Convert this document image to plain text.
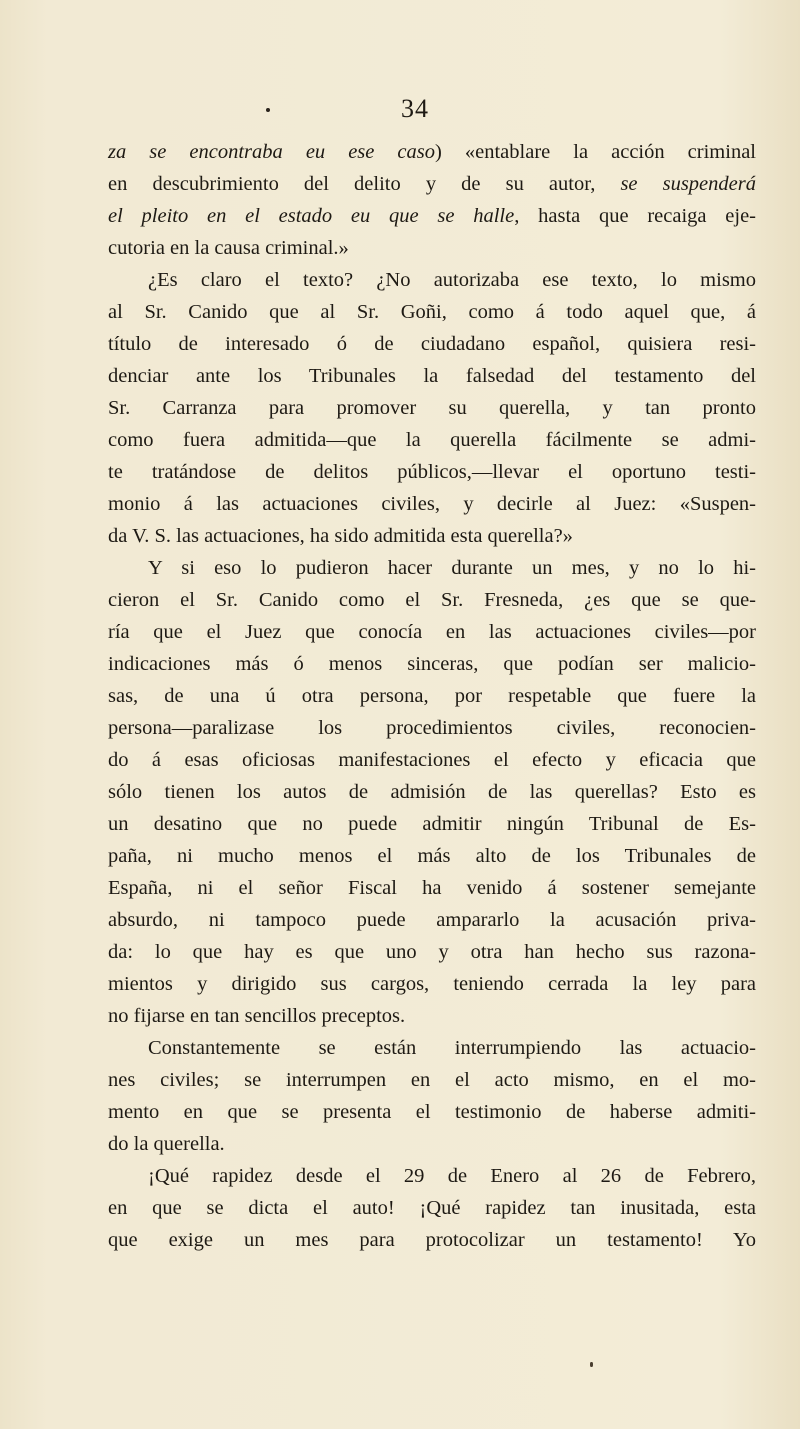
34

za se encontraba eu ese caso) «entablare la acción criminal
en descubrimiento del delito y de su autor, se suspenderá
el pleito en el estado eu que se halle, hasta que recaiga eje-
cutoria en la causa criminal.»

¿Es claro el texto? ¿No autorizaba ese texto, lo mismo
al Sr. Canido que al Sr. Goñi, como á todo aquel que, á
título de interesado ó de ciudadano español, quisiera resi-
denciar ante los Tribunales la falsedad del testamento del
Sr. Carranza para promover su querella, y tan pronto
como fuera admitida—que la querella fácilmente se admi-
te tratándose de delitos públicos,—llevar el oportuno testi-
monio á las actuaciones civiles, y decirle al Juez: «Suspen-
da V. S. las actuaciones, ha sido admitida esta querella?»

Y si eso lo pudieron hacer durante un mes, y no lo hi-
cieron el Sr. Canido como el Sr. Fresneda, ¿es que se que-
ría que el Juez que conocía en las actuaciones civiles—por
indicaciones más ó menos sinceras, que podían ser malicio-
sas, de una ú otra persona, por respetable que fuere la
persona—paralizase los procedimientos civiles, reconocien-
do á esas oficiosas manifestaciones el efecto y eficacia que
sólo tienen los autos de admisión de las querellas? Esto es
un desatino que no puede admitir ningún Tribunal de Es-
paña, ni mucho menos el más alto de los Tribunales de
España, ni el señor Fiscal ha venido á sostener semejante
absurdo, ni tampoco puede ampararlo la acusación priva-
da: lo que hay es que uno y otra han hecho sus razona-
mientos y dirigido sus cargos, teniendo cerrada la ley para
no fijarse en tan sencillos preceptos.

Constantemente se están interrumpiendo las actuacio-
nes civiles; se interrumpen en el acto mismo, en el mo-
mento en que se presenta el testimonio de haberse admiti-
do la querella.

¡Qué rapidez desde el 29 de Enero al 26 de Febrero,
en que se dicta el auto! ¡Qué rapidez tan inusitada, esta
que exige un mes para protocolizar un testamento! Yo
